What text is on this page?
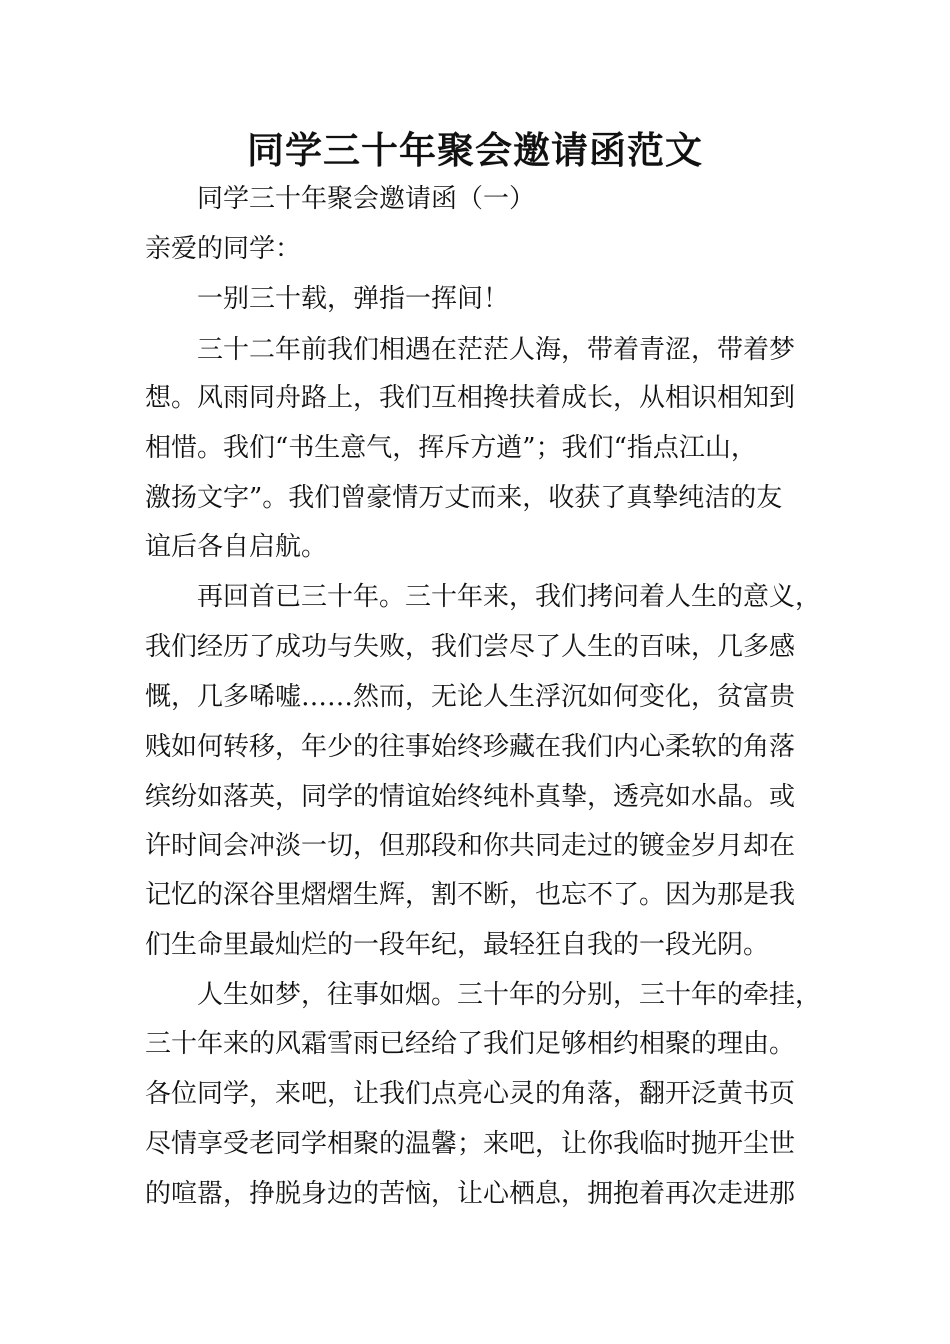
同学三十年聚会邀请函范文

同学三十年聚会邀请函（一）

亲爱的同学：

一别三十载，弹指一挥间！

三十二年前我们相遇在茫茫人海，带着青涩，带着梦

想。风雨同舟路上，我们互相搀扶着成长，从相识相知到

相惜。我们“书生意气，挥斥方遒”；我们“指点江山，

激扬文字”。我们曾豪情万丈而来，收获了真挚纯洁的友

谊后各自启航。

再回首已三十年。三十年来，我们拷问着人生的意义，

我们经历了成功与失败，我们尝尽了人生的百味，几多感

慨，几多唏嘘……然而，无论人生浮沉如何变化，贫富贵

贱如何转移，年少的往事始终珍藏在我们内心柔软的角落

缤纷如落英，同学的情谊始终纯朴真挚，透亮如水晶。或

许时间会冲淡一切，但那段和你共同走过的镀金岁月却在

记忆的深谷里熠熠生辉，割不断，也忘不了。因为那是我

们生命里最灿烂的一段年纪，最轻狂自我的一段光阴。

人生如梦，往事如烟。三十年的分别，三十年的牵挂，

三十年来的风霜雪雨已经给了我们足够相约相聚的理由。

各位同学，来吧，让我们点亮心灵的角落，翻开泛黄书页

尽情享受老同学相聚的温馨；来吧，让你我临时抛开尘世

的喧嚣，挣脱身边的苦恼，让心栖息，拥抱着再次走进那
